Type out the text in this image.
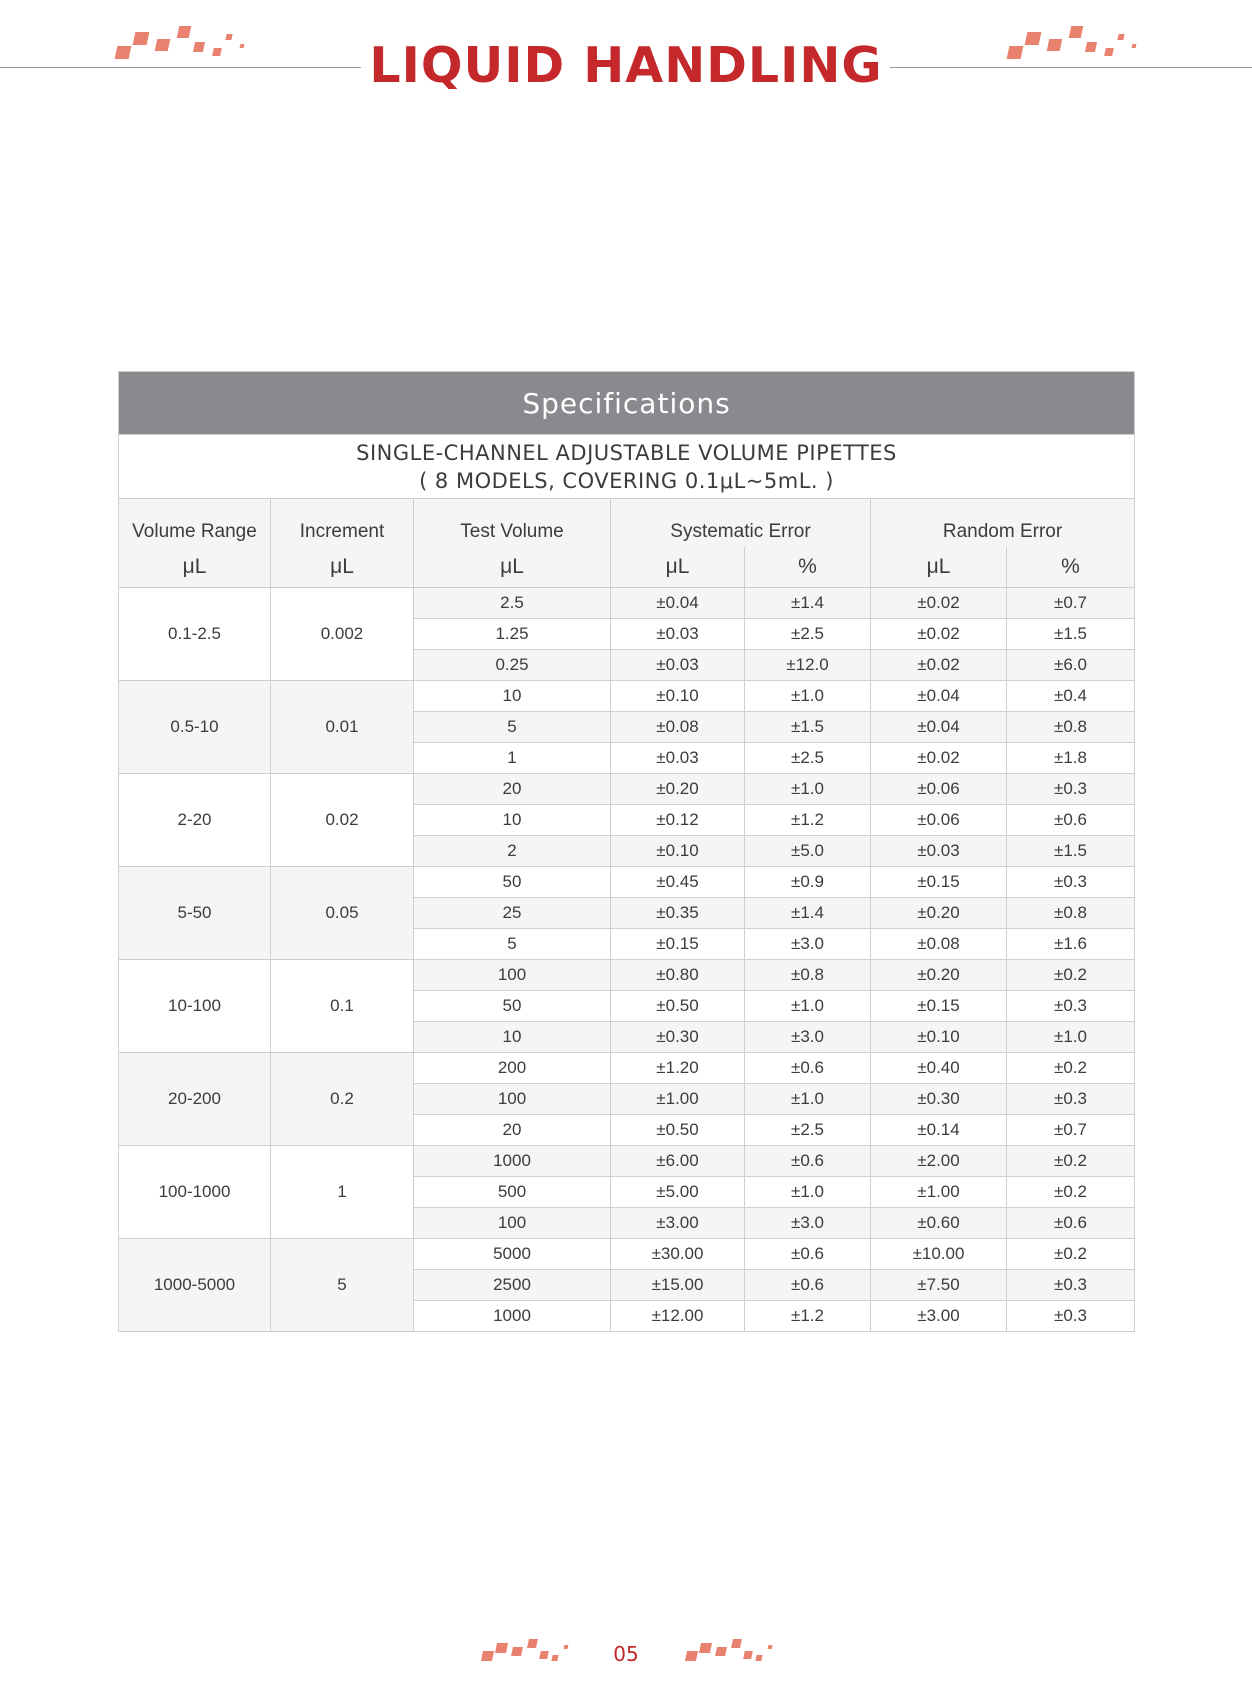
LIQUID HANDLING
Specifications						

SINGLE-CHANNEL ADJUSTABLE VOLUME PIPETTES
( 8 MODELS, COVERING 0.1μL~5mL. )						

Volume Range	Increment	Test Volume	Systematic Error		Random Error	
μL	μL	μL	μL	%	μL	%
0.1-2.5	0.002	2.5	±0.04	±1.4	±0.02	±0.7
		1.25	±0.03	±2.5	±0.02	±1.5
		0.25	±0.03	±12.0	±0.02	±6.0
0.5-10	0.01	10	±0.10	±1.0	±0.04	±0.4
		5	±0.08	±1.5	±0.04	±0.8
		1	±0.03	±2.5	±0.02	±1.8
2-20	0.02	20	±0.20	±1.0	±0.06	±0.3
		10	±0.12	±1.2	±0.06	±0.6
		2	±0.10	±5.0	±0.03	±1.5
5-50	0.05	50	±0.45	±0.9	±0.15	±0.3
		25	±0.35	±1.4	±0.20	±0.8
		5	±0.15	±3.0	±0.08	±1.6
10-100	0.1	100	±0.80	±0.8	±0.20	±0.2
		50	±0.50	±1.0	±0.15	±0.3
		10	±0.30	±3.0	±0.10	±1.0
20-200	0.2	200	±1.20	±0.6	±0.40	±0.2
		100	±1.00	±1.0	±0.30	±0.3
		20	±0.50	±2.5	±0.14	±0.7
100-1000	1	1000	±6.00	±0.6	±2.00	±0.2
		500	±5.00	±1.0	±1.00	±0.2
		100	±3.00	±3.0	±0.60	±0.6
1000-5000	5	5000	±30.00	±0.6	±10.00	±0.2
		2500	±15.00	±0.6	±7.50	±0.3
		1000	±12.00	±1.2	±3.00	±0.3
05
